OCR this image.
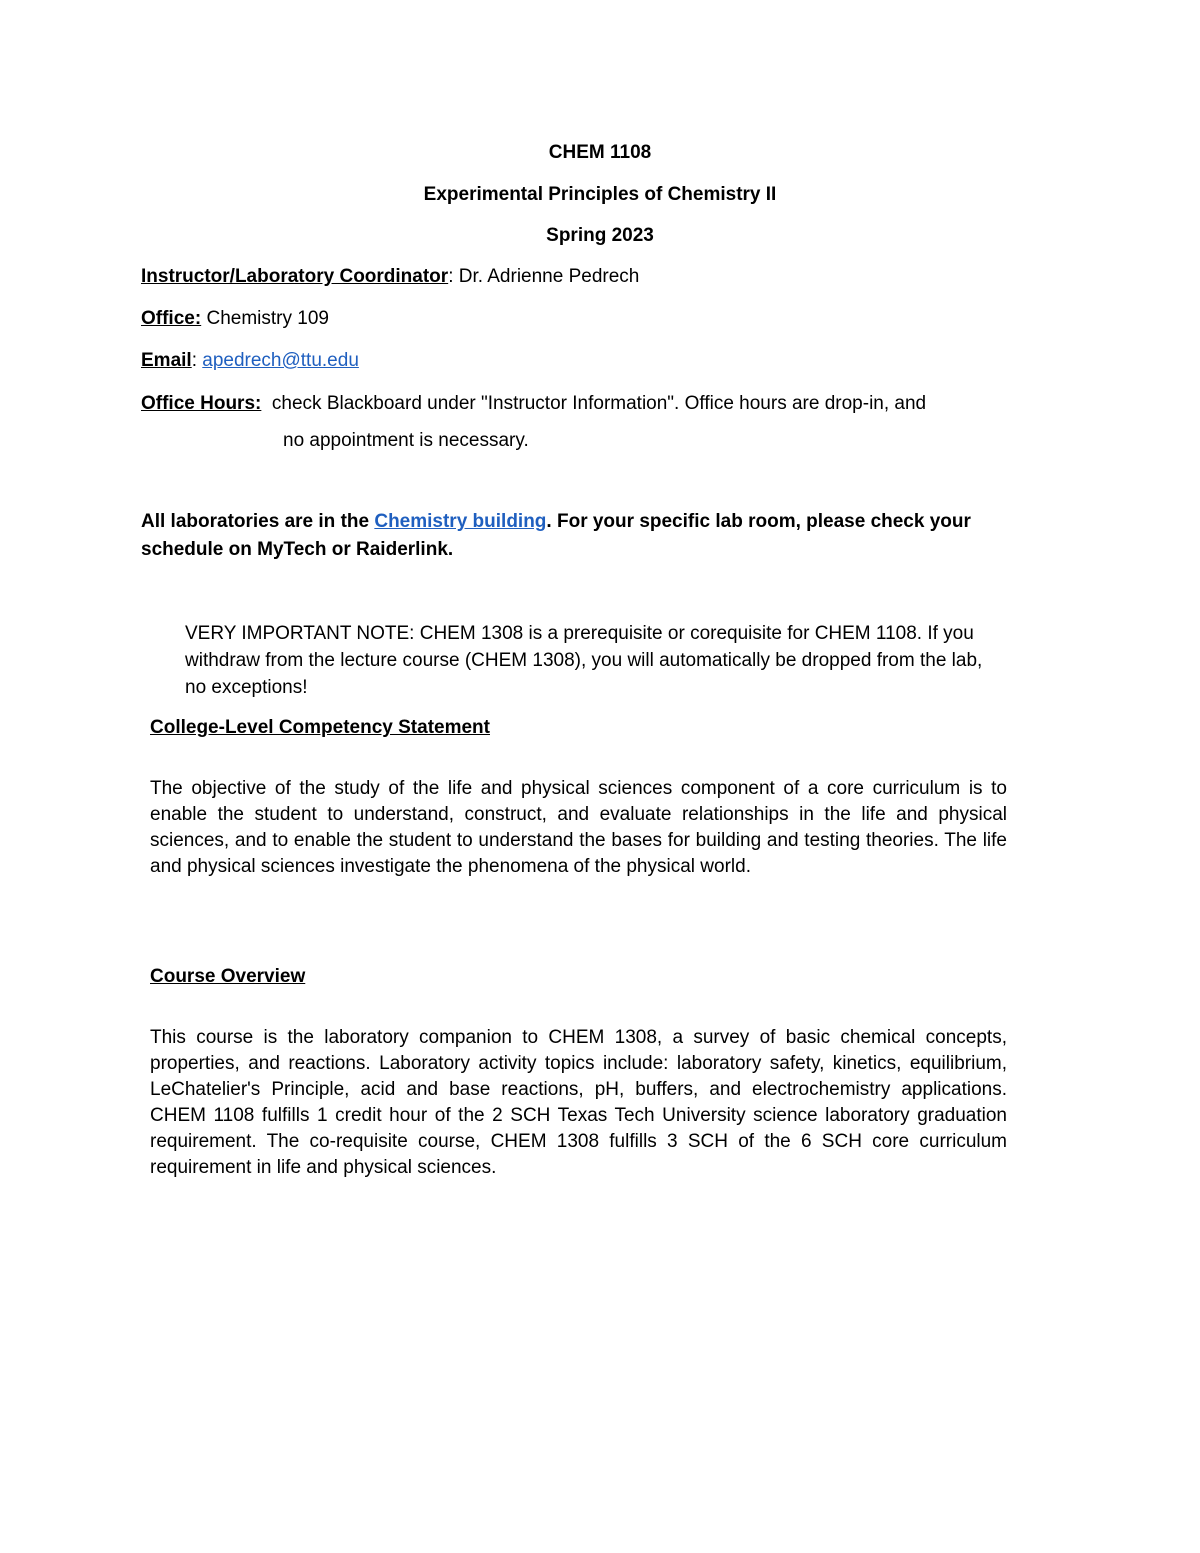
CHEM 1108
Experimental Principles of Chemistry II
Spring 2023
Instructor/Laboratory Coordinator: Dr. Adrienne Pedrech
Office: Chemistry 109
Email: apedrech@ttu.edu
Office Hours:  check Blackboard under "Instructor Information". Office hours are drop-in, and
no appointment is necessary.
All laboratories are in the Chemistry building. For your specific lab room, please check your schedule on MyTech or Raiderlink.
VERY IMPORTANT NOTE: CHEM 1308 is a prerequisite or corequisite for CHEM 1108. If you withdraw from the lecture course (CHEM 1308), you will automatically be dropped from the lab, no exceptions!
College-Level Competency Statement
The objective of the study of the life and physical sciences component of a core curriculum is to enable the student to understand, construct, and evaluate relationships in the life and physical sciences, and to enable the student to understand the bases for building and testing theories. The life and physical sciences investigate the phenomena of the physical world.
Course Overview
This course is the laboratory companion to CHEM 1308, a survey of basic chemical concepts, properties, and reactions. Laboratory activity topics include: laboratory safety, kinetics, equilibrium, LeChatelier's Principle, acid and base reactions, pH, buffers, and electrochemistry applications. CHEM 1108 fulfills 1 credit hour of the 2 SCH Texas Tech University science laboratory graduation requirement. The co-requisite course, CHEM 1308 fulfills 3 SCH of the 6 SCH core curriculum requirement in life and physical sciences.
